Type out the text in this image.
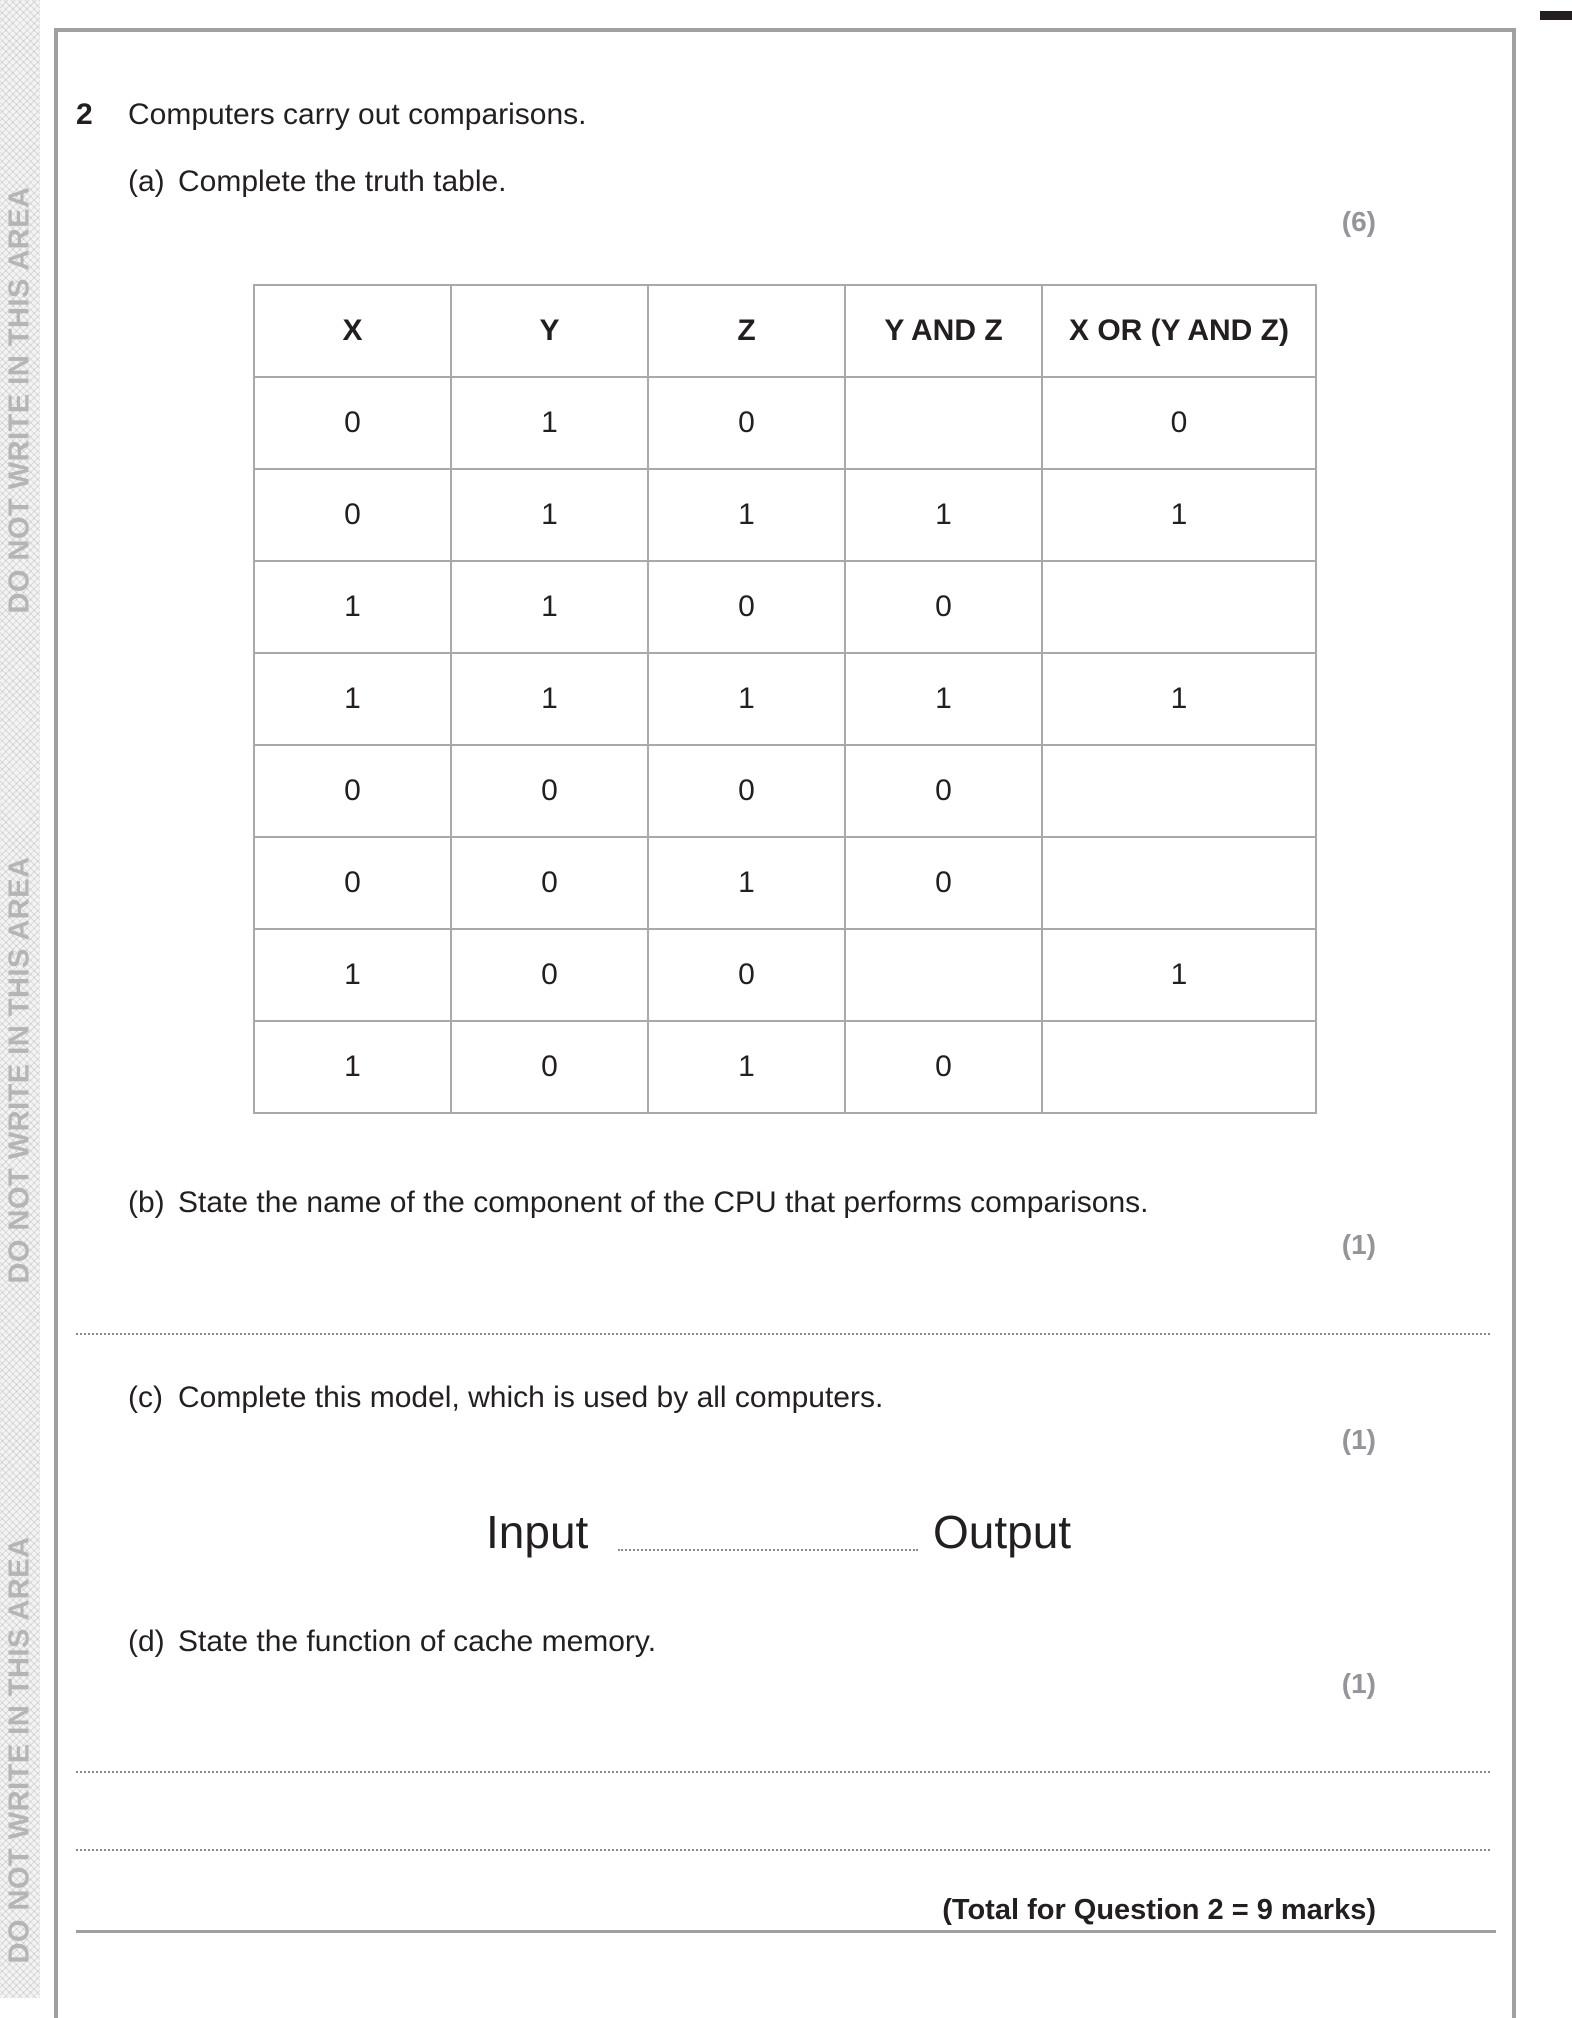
DO NOT WRITE IN THIS AREA
DO NOT WRITE IN THIS AREA
DO NOT WRITE IN THIS AREA
2 Computers carry out comparisons.
(a) Complete the truth table.
(6)
X	Y	Z	Y AND Z	X OR (Y AND Z)
0	1	0		0
0	1	1	1	1
1	1	0	0	
1	1	1	1	1
0	0	0	0	
0	0	1	0	
1	0	0		1
1	0	1	0	
(b) State the name of the component of the CPU that performs comparisons.
(1)
(c) Complete this model, which is used by all computers.
(1)
Input	Output
(d) State the function of cache memory.
(1)
(Total for Question 2 = 9 marks)
